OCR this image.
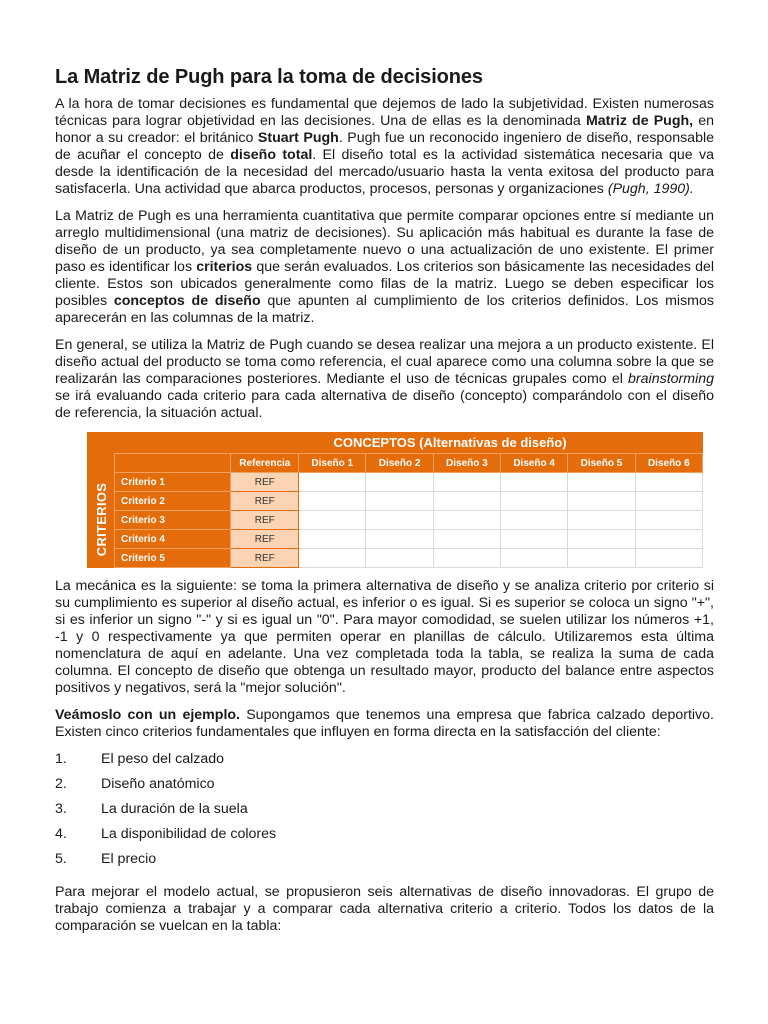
La Matriz de Pugh para la toma de decisiones

A la hora de tomar decisiones es fundamental que dejemos de lado la subjetividad. Existen numerosas técnicas para lograr objetividad en las decisiones. Una de ellas es la denominada Matriz de Pugh, en honor a su creador: el británico Stuart Pugh. Pugh fue un reconocido ingeniero de diseño, responsable de acuñar el concepto de diseño total. El diseño total es la actividad sistemática necesaria que va desde la identificación de la necesidad del mercado/usuario hasta la venta exitosa del producto para satisfacerla. Una actividad que abarca productos, procesos, personas y organizaciones (Pugh, 1990).

La Matriz de Pugh es una herramienta cuantitativa que permite comparar opciones entre sí mediante un arreglo multidimensional (una matriz de decisiones). Su aplicación más habitual es durante la fase de diseño de un producto, ya sea completamente nuevo o una actualización de uno existente. El primer paso es identificar los criterios que serán evaluados. Los criterios son básicamente las necesidades del cliente. Estos son ubicados generalmente como filas de la matriz. Luego se deben especificar los posibles conceptos de diseño que apunten al cumplimiento de los criterios definidos. Los mismos aparecerán en las columnas de la matriz.

En general, se utiliza la Matriz de Pugh cuando se desea realizar una mejora a un producto existente. El diseño actual del producto se toma como referencia, el cual aparece como una columna sobre la que se realizarán las comparaciones posteriores. Mediante el uso de técnicas grupales como el brainstorming se irá evaluando cada criterio para cada alternativa de diseño (concepto) comparándolo con el diseño de referencia, la situación actual.

CONCEPTOS (Alternativas de diseño)
CRITERIOS
	Referencia	Diseño 1	Diseño 2	Diseño 3	Diseño 4	Diseño 5	Diseño 6
Criterio 1	REF						
Criterio 2	REF						
Criterio 3	REF						
Criterio 4	REF						
Criterio 5	REF						

La mecánica es la siguiente: se toma la primera alternativa de diseño y se analiza criterio por criterio si su cumplimiento es superior al diseño actual, es inferior o es igual. Si es superior se coloca un signo "+", si es inferior un signo "-" y si es igual un "0". Para mayor comodidad, se suelen utilizar los números +1, -1 y 0 respectivamente ya que permiten operar en planillas de cálculo. Utilizaremos esta última nomenclatura de aquí en adelante. Una vez completada toda la tabla, se realiza la suma de cada columna. El concepto de diseño que obtenga un resultado mayor, producto del balance entre aspectos positivos y negativos, será la "mejor solución".

Veámoslo con un ejemplo. Supongamos que tenemos una empresa que fabrica calzado deportivo. Existen cinco criterios fundamentales que influyen en forma directa en la satisfacción del cliente:

1.	El peso del calzado
2.	Diseño anatómico
3.	La duración de la suela
4.	La disponibilidad de colores
5.	El precio

Para mejorar el modelo actual, se propusieron seis alternativas de diseño innovadoras. El grupo de trabajo comienza a trabajar y a comparar cada alternativa criterio a criterio. Todos los datos de la comparación se vuelcan en la tabla:
